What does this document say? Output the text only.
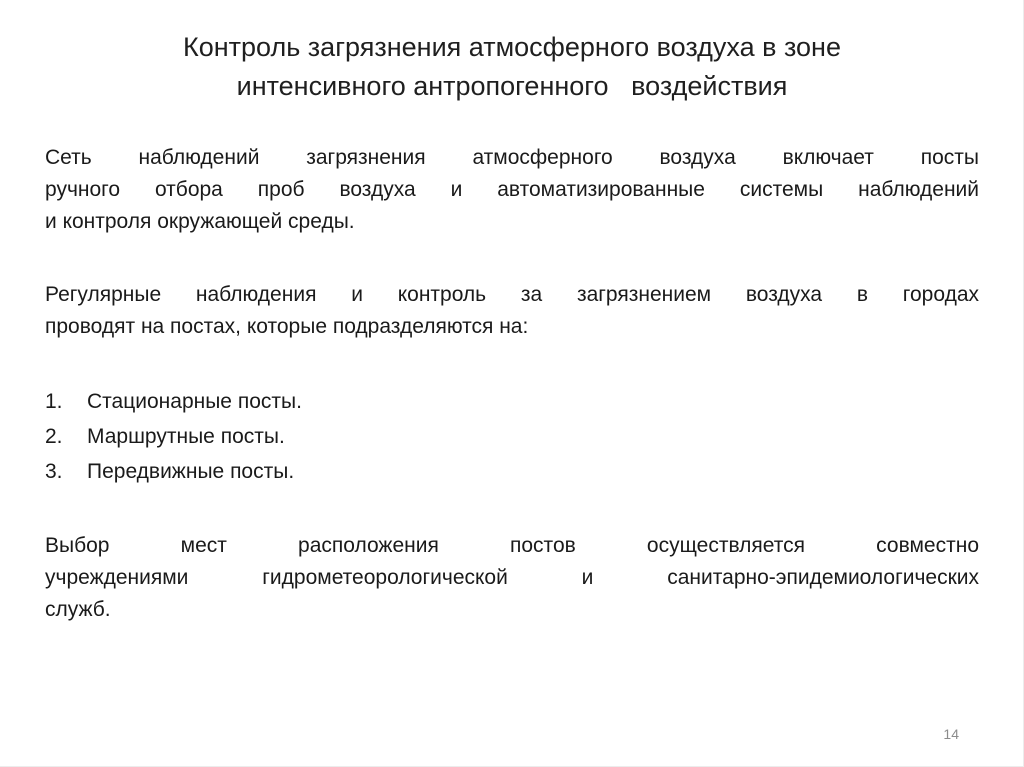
Контроль загрязнения атмосферного воздуха в зоне
интенсивного антропогенного   воздействия

Сеть наблюдений загрязнения атмосферного воздуха включает посты
ручного отбора проб воздуха и автоматизированные системы наблюдений
и контроля окружающей среды.

Регулярные наблюдения и контроль за загрязнением воздуха в городах
проводят на постах, которые подразделяются на:

1.	Стационарные посты.
2.	Маршрутные посты.
3.	Передвижные посты.

Выбор мест расположения постов осуществляется совместно
учреждениями гидрометеорологической и санитарно-эпидемиологических
служб.

14
